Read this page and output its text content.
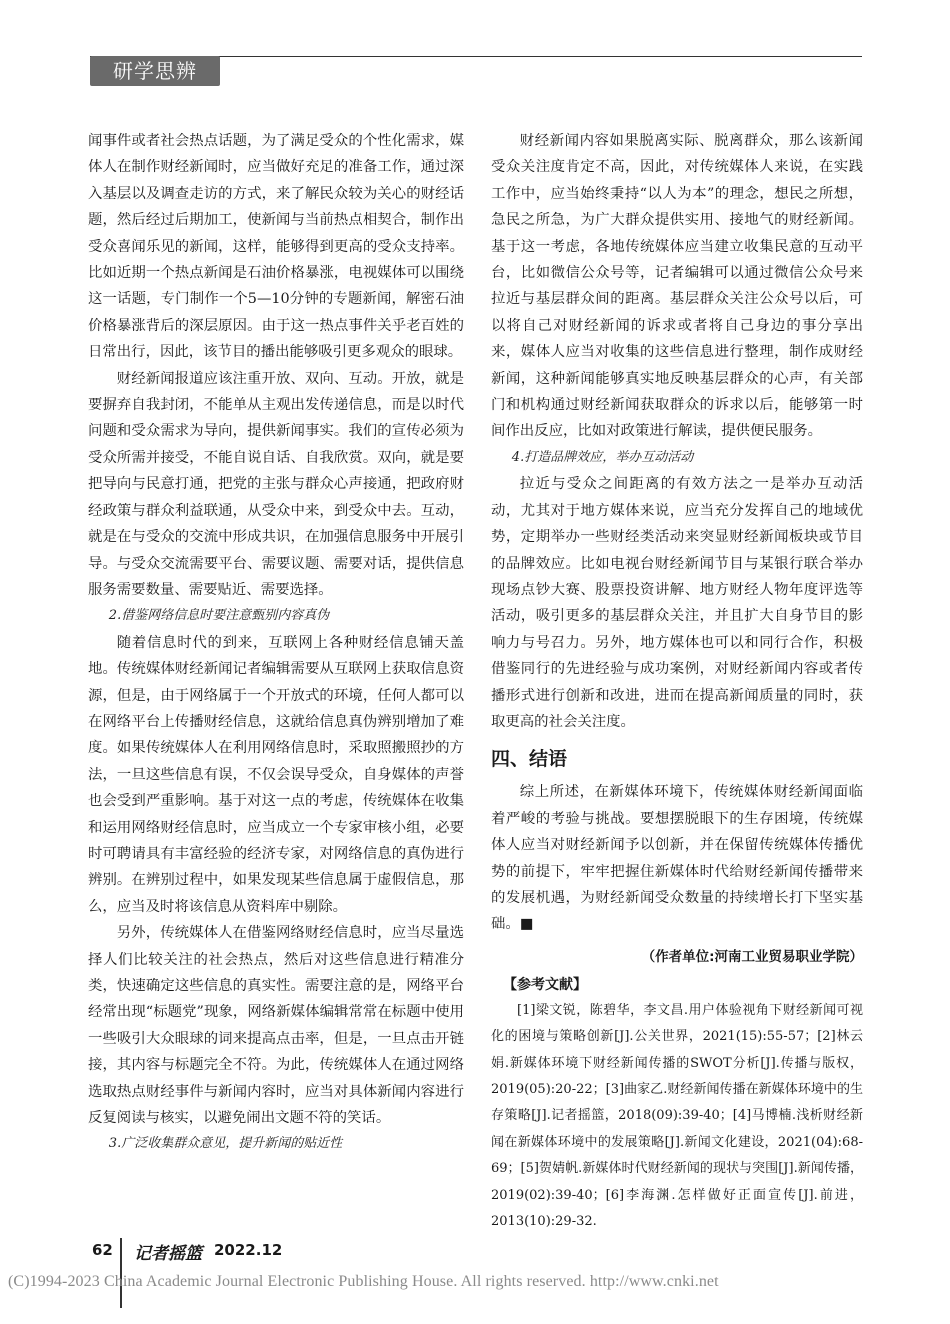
研学思辨

闻事件或者社会热点话题，为了满足受众的个性化需求，媒体人在制作财经新闻时，应当做好充足的准备工作，通过深入基层以及调查走访的方式，来了解民众较为关心的财经话题，然后经过后期加工，使新闻与当前热点相契合，制作出受众喜闻乐见的新闻，这样，能够得到更高的受众支持率。比如近期一个热点新闻是石油价格暴涨，电视媒体可以围绕这一话题，专门制作一个5—10分钟的专题新闻，解密石油价格暴涨背后的深层原因。由于这一热点事件关乎老百姓的日常出行，因此，该节目的播出能够吸引更多观众的眼球。

财经新闻报道应该注重开放、双向、互动。开放，就是要摒弃自我封闭，不能单从主观出发传递信息，而是以时代问题和受众需求为导向，提供新闻事实。我们的宣传必须为受众所需并接受，不能自说自话、自我欣赏。双向，就是要把导向与民意打通，把党的主张与群众心声接通，把政府财经政策与群众利益联通，从受众中来，到受众中去。互动，就是在与受众的交流中形成共识，在加强信息服务中开展引导。与受众交流需要平台、需要议题、需要对话，提供信息服务需要数量、需要贴近、需要选择。

2.借鉴网络信息时要注意甄别内容真伪

随着信息时代的到来，互联网上各种财经信息铺天盖地。传统媒体财经新闻记者编辑需要从互联网上获取信息资源，但是，由于网络属于一个开放式的环境，任何人都可以在网络平台上传播财经信息，这就给信息真伪辨别增加了难度。如果传统媒体人在利用网络信息时，采取照搬照抄的方法，一旦这些信息有误，不仅会误导受众，自身媒体的声誉也会受到严重影响。基于对这一点的考虑，传统媒体在收集和运用网络财经信息时，应当成立一个专家审核小组，必要时可聘请具有丰富经验的经济专家，对网络信息的真伪进行辨别。在辨别过程中，如果发现某些信息属于虚假信息，那么，应当及时将该信息从资料库中剔除。

另外，传统媒体人在借鉴网络财经信息时，应当尽量选择人们比较关注的社会热点，然后对这些信息进行精准分类，快速确定这些信息的真实性。需要注意的是，网络平台经常出现“标题党”现象，网络新媒体编辑常常在标题中使用一些吸引大众眼球的词来提高点击率，但是，一旦点击开链接，其内容与标题完全不符。为此，传统媒体人在通过网络选取热点财经事件与新闻内容时，应当对具体新闻内容进行反复阅读与核实，以避免闹出文题不符的笑话。

3.广泛收集群众意见，提升新闻的贴近性

财经新闻内容如果脱离实际、脱离群众，那么该新闻受众关注度肯定不高，因此，对传统媒体人来说，在实践工作中，应当始终秉持“以人为本”的理念，想民之所想，急民之所急，为广大群众提供实用、接地气的财经新闻。基于这一考虑，各地传统媒体应当建立收集民意的互动平台，比如微信公众号等，记者编辑可以通过微信公众号来拉近与基层群众间的距离。基层群众关注公众号以后，可以将自己对财经新闻的诉求或者将自己身边的事分享出来，媒体人应当对收集的这些信息进行整理，制作成财经新闻，这种新闻能够真实地反映基层群众的心声，有关部门和机构通过财经新闻获取群众的诉求以后，能够第一时间作出反应，比如对政策进行解读，提供便民服务。

4.打造品牌效应，举办互动活动

拉近与受众之间距离的有效方法之一是举办互动活动，尤其对于地方媒体来说，应当充分发挥自己的地域优势，定期举办一些财经类活动来突显财经新闻板块或节目的品牌效应。比如电视台财经新闻节目与某银行联合举办现场点钞大赛、股票投资讲解、地方财经人物年度评选等活动，吸引更多的基层群众关注，并且扩大自身节目的影响力与号召力。另外，地方媒体也可以和同行合作，积极借鉴同行的先进经验与成功案例，对财经新闻内容或者传播形式进行创新和改进，进而在提高新闻质量的同时，获取更高的社会关注度。

四、结语

综上所述，在新媒体环境下，传统媒体财经新闻面临着严峻的考验与挑战。要想摆脱眼下的生存困境，传统媒体人应当对财经新闻予以创新，并在保留传统媒体传播优势的前提下，牢牢把握住新媒体时代给财经新闻传播带来的发展机遇，为财经新闻受众数量的持续增长打下坚实基础。■

（作者单位:河南工业贸易职业学院）
【参考文献】

[1]梁文锐，陈碧华，李文昌.用户体验视角下财经新闻可视化的困境与策略创新[J].公关世界，2021(15):55-57；[2]林云娟.新媒体环境下财经新闻传播的SWOT分析[J].传播与版权，2019(05):20-22；[3]曲家乙.财经新闻传播在新媒体环境中的生存策略[J].记者摇篮，2018(09):39-40；[4]马博楠.浅析财经新闻在新媒体环境中的发展策略[J].新闻文化建设，2021(04):68-69；[5]贺婧帆.新媒体时代财经新闻的现状与突围[J].新闻传播，2019(02):39-40；[6]李海渊.怎样做好正面宣传[J].前进，2013(10):29-32.

62 记者摇篮 2022.12
(C)1994-2023 China Academic Journal Electronic Publishing House. All rights reserved. http://www.cnki.net
